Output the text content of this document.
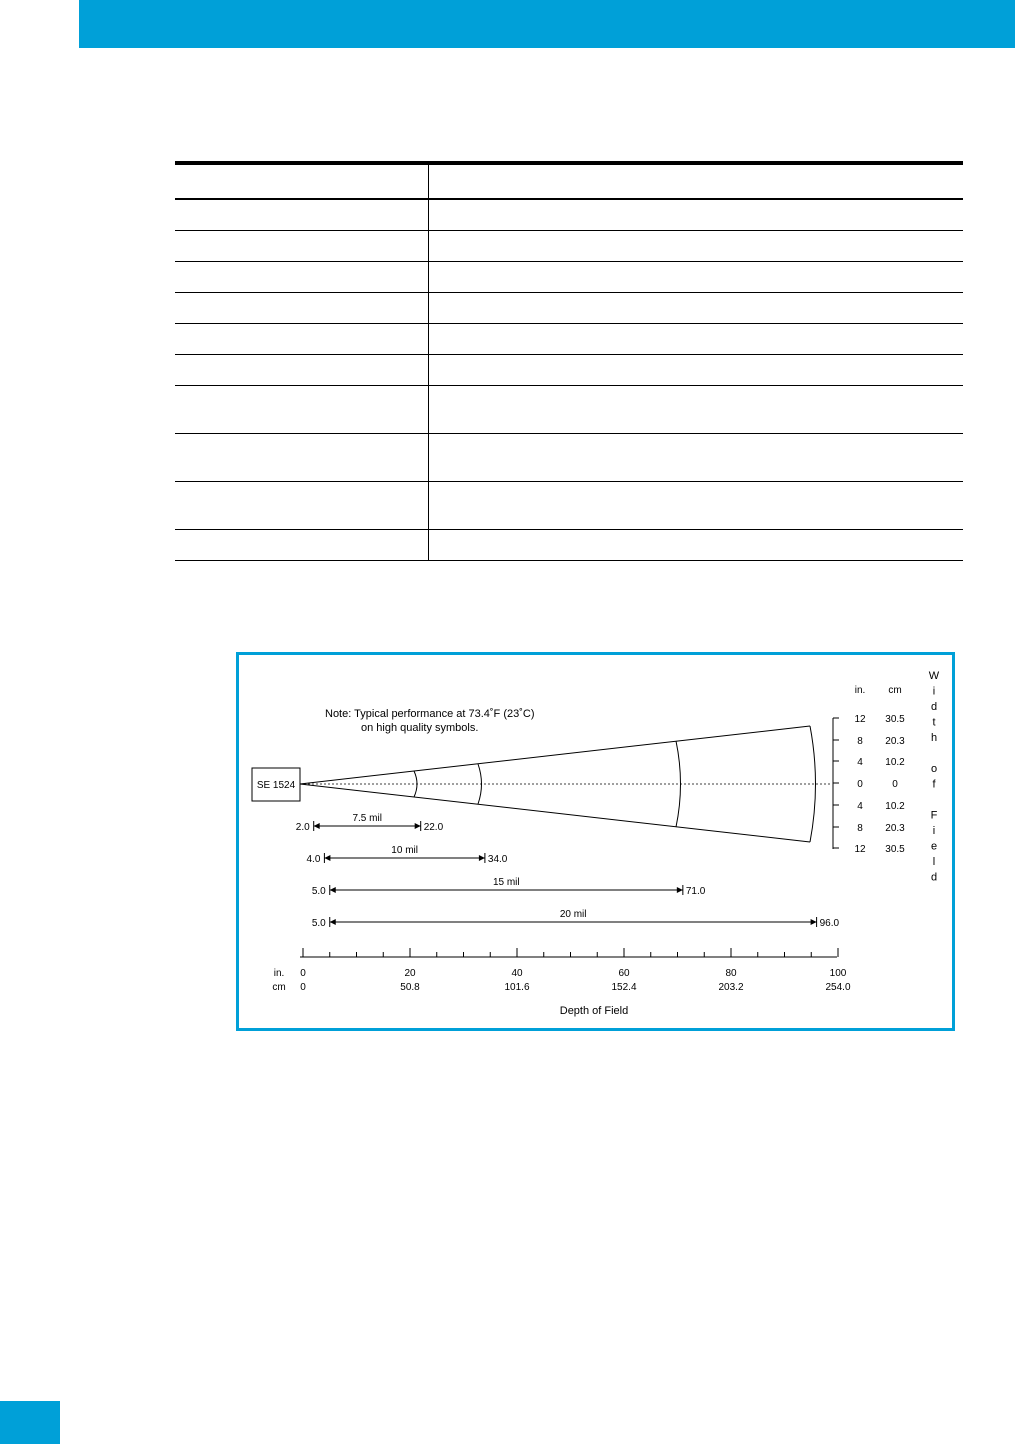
Note: Typical performance at 73.4˚F (23˚C)
on high quality symbols.
SE 1524
12 30.5
8 20.3
4 10.2
0	0
4 10.2
8 20.3
12 30.5
in. cm
W
i
d
t
h
o
f
F
i
e
l
d
2.0	22.0
7.5 mil
4.0	34.0
10 mil
5.0	71.0
15 mil
5.0	96.0
20 mil
0
0
20
50.8
40
101.6
60
152.4
80
203.2
100
254.0
in.
cm
Depth of Field
